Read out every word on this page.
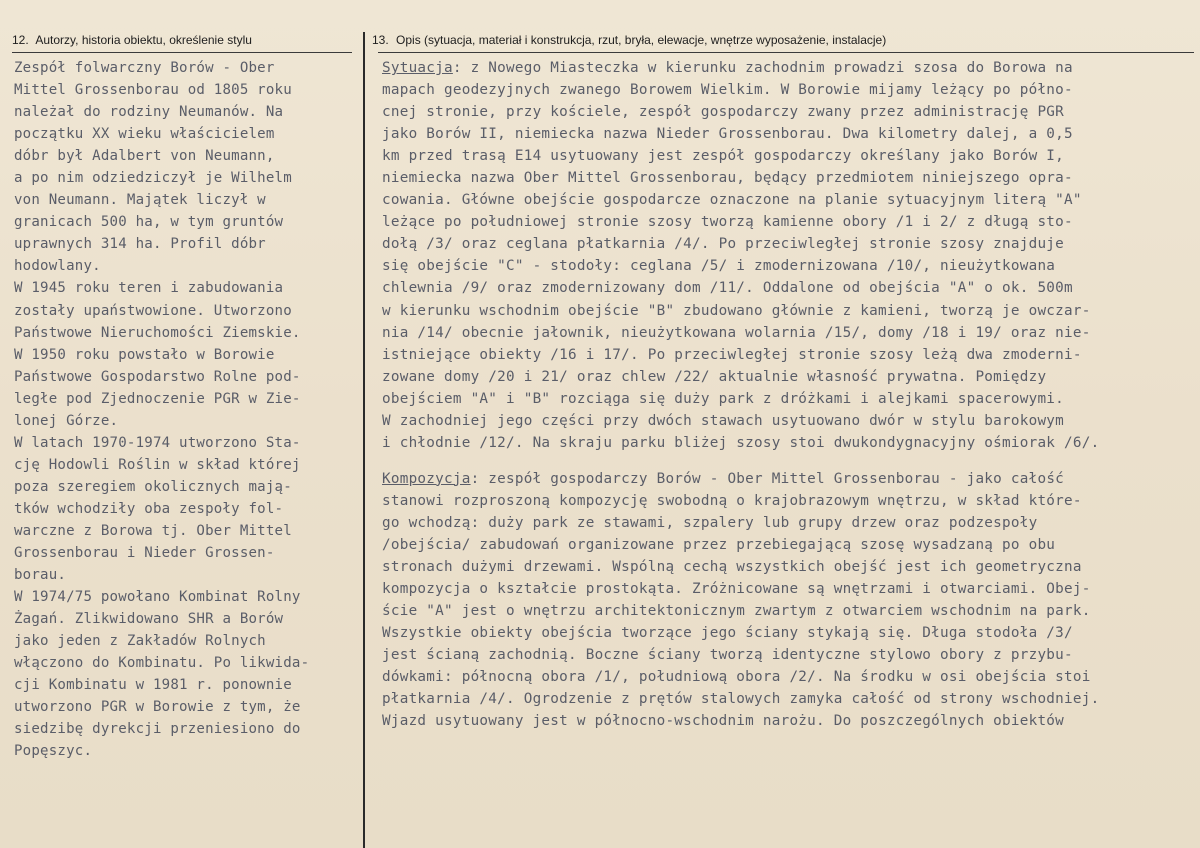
12. Autorzy, historia obiektu, określenie stylu
Zespół folwarczny Borów - Ober
Mittel Grossenborau od 1805 roku
należał do rodziny Neumanów. Na
początku XX wieku właścicielem
dóbr był Adalbert von Neumann,
a po nim odziedziczył je Wilhelm
von Neumann. Majątek liczył w
granicach 500 ha, w tym gruntów
uprawnych 314 ha. Profil dóbr
hodowlany.
W 1945 roku teren i zabudowania
zostały upaństwowione. Utworzono
Państwowe Nieruchomości Ziemskie.
W 1950 roku powstało w Borowie
Państwowe Gospodarstwo Rolne pod-
ległe pod Zjednoczenie PGR w Zie-
lonej Górze.
W latach 1970-1974 utworzono Sta-
cję Hodowli Roślin w skład której
poza szeregiem okolicznych mają-
tków wchodziły oba zespoły fol-
warczne z Borowa tj. Ober Mittel
Grossenborau i Nieder Grossen-
borau.
W 1974/75 powołano Kombinat Rolny
Żagań. Zlikwidowano SHR a Borów
jako jeden z Zakładów Rolnych
włączono do Kombinatu. Po likwida-
cji Kombinatu w 1981 r. ponownie
utworzono PGR w Borowie z tym, że
siedzibę dyrekcji przeniesiono do
Popęszyc.
13. Opis (sytuacja, materiał i konstrukcja, rzut, bryła, elewacje, wnętrze wyposażenie, instalacje)
Sytuacja: z Nowego Miasteczka w kierunku zachodnim prowadzi szosa do Borowa na
mapach geodezyjnych zwanego Borowem Wielkim. W Borowie mijamy leżący po półno-
cnej stronie, przy kościele, zespół gospodarczy zwany przez administrację PGR
jako Borów II, niemiecka nazwa Nieder Grossenborau. Dwa kilometry dalej, a 0,5
km przed trasą E14 usytuowany jest zespół gospodarczy określany jako Borów I,
niemiecka nazwa Ober Mittel Grossenborau, będący przedmiotem niniejszego opra-
cowania. Główne obejście gospodarcze oznaczone na planie sytuacyjnym literą "A"
leżące po południowej stronie szosy tworzą kamienne obory /1 i 2/ z długą sto-
dołą /3/ oraz ceglana płatkarnia /4/. Po przeciwległej stronie szosy znajduje
się obejście "C" - stodoły: ceglana /5/ i zmodernizowana /10/, nieużytkowana
chlewnia /9/ oraz zmodernizowany dom /11/. Oddalone od obejścia "A" o ok. 500m
w kierunku wschodnim obejście "B" zbudowano głównie z kamieni, tworzą je owczar-
nia /14/ obecnie jałownik, nieużytkowana wolarnia /15/, domy /18 i 19/ oraz nie-
istniejące obiekty /16 i 17/. Po przeciwległej stronie szosy leżą dwa zmoderni-
zowane domy /20 i 21/ oraz chlew /22/ aktualnie własność prywatna. Pomiędzy
obejściem "A" i "B" rozciąga się duży park z dróżkami i alejkami spacerowymi.
W zachodniej jego części przy dwóch stawach usytuowano dwór w stylu barokowym
i chłodnie /12/. Na skraju parku bliżej szosy stoi dwukondygnacyjny ośmiorak /6/.
Kompozycja: zespół gospodarczy Borów - Ober Mittel Grossenborau - jako całość
stanowi rozproszoną kompozycję swobodną o krajobrazowym wnętrzu, w skład które-
go wchodzą: duży park ze stawami, szpalery lub grupy drzew oraz podzespoły
/obejścia/ zabudowań organizowane przez przebiegającą szosę wysadzaną po obu
stronach dużymi drzewami. Wspólną cechą wszystkich obejść jest ich geometryczna
kompozycja o kształcie prostokąta. Zróżnicowane są wnętrzami i otwarciami. Obej-
ście "A" jest o wnętrzu architektonicznym zwartym z otwarciem wschodnim na park.
Wszystkie obiekty obejścia tworzące jego ściany stykają się. Długa stodoła /3/
jest ścianą zachodnią. Boczne ściany tworzą identyczne stylowo obory z przybu-
dówkami: północną obora /1/, południową obora /2/. Na środku w osi obejścia stoi
płatkarnia /4/. Ogrodzenie z prętów stalowych zamyka całość od strony wschodniej.
Wjazd usytuowany jest w północno-wschodnim narożu. Do poszczególnych obiektów
